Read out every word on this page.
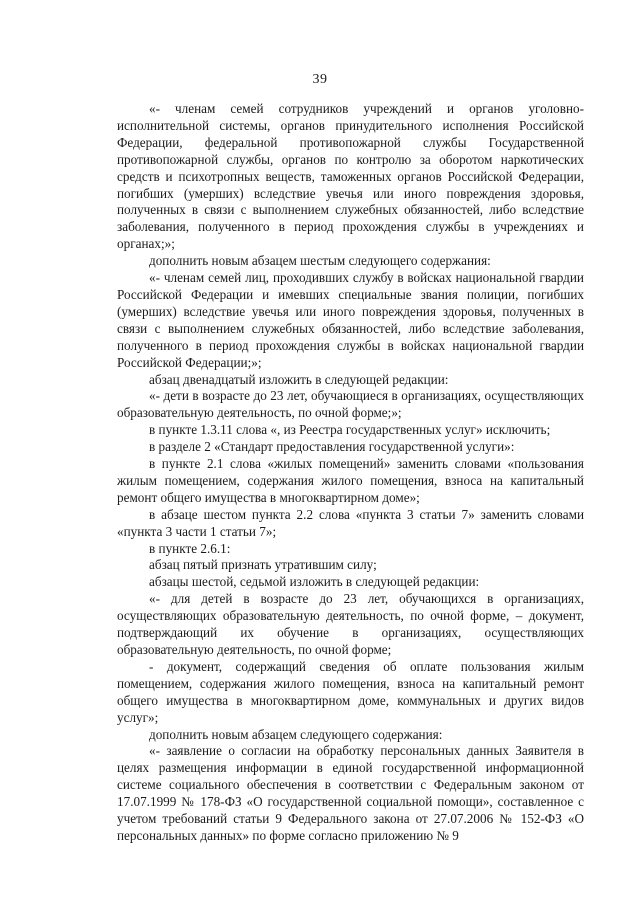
39

«- членам семей сотрудников учреждений и органов уголовно-исполнительной системы, органов принудительного исполнения Российской Федерации, федеральной противопожарной службы Государственной противопожарной службы, органов по контролю за оборотом наркотических средств и психотропных веществ, таможенных органов Российской Федерации, погибших (умерших) вследствие увечья или иного повреждения здоровья, полученных в связи с выполнением служебных обязанностей, либо вследствие заболевания, полученного в период прохождения службы в учреждениях и органах;»;

дополнить новым абзацем шестым следующего содержания:

«- членам семей лиц, проходивших службу в войсках национальной гвардии Российской Федерации и имевших специальные звания полиции, погибших (умерших) вследствие увечья или иного повреждения здоровья, полученных в связи с выполнением служебных обязанностей, либо вследствие заболевания, полученного в период прохождения службы в войсках национальной гвардии Российской Федерации;»;

абзац двенадцатый изложить в следующей редакции:

«- дети в возрасте до 23 лет, обучающиеся в организациях, осуществляющих образовательную деятельность, по очной форме;»;

в пункте 1.3.11 слова «, из Реестра государственных услуг» исключить;

в разделе 2 «Стандарт предоставления государственной услуги»:

в пункте 2.1 слова «жилых помещений» заменить словами «пользования жилым помещением, содержания жилого помещения, взноса на капитальный ремонт общего имущества в многоквартирном доме»;

в абзаце шестом пункта 2.2 слова «пункта 3 статьи 7» заменить словами «пункта 3 части 1 статьи 7»;

в пункте 2.6.1:

абзац пятый признать утратившим силу;

абзацы шестой, седьмой изложить в следующей редакции:

«- для детей в возрасте до 23 лет, обучающихся в организациях, осуществляющих образовательную деятельность, по очной форме, – документ, подтверждающий их обучение в организациях, осуществляющих образовательную деятельность, по очной форме;

- документ, содержащий сведения об оплате пользования жилым помещением, содержания жилого помещения, взноса на капитальный ремонт общего имущества в многоквартирном доме, коммунальных и других видов услуг»;

дополнить новым абзацем следующего содержания:

«- заявление о согласии на обработку персональных данных Заявителя в целях размещения информации в единой государственной информационной системе социального обеспечения в соответствии с Федеральным законом от 17.07.1999 № 178-ФЗ «О государственной социальной помощи», составленное с учетом требований статьи 9 Федерального закона от 27.07.2006 № 152-ФЗ «О персональных данных» по форме согласно приложению № 9
